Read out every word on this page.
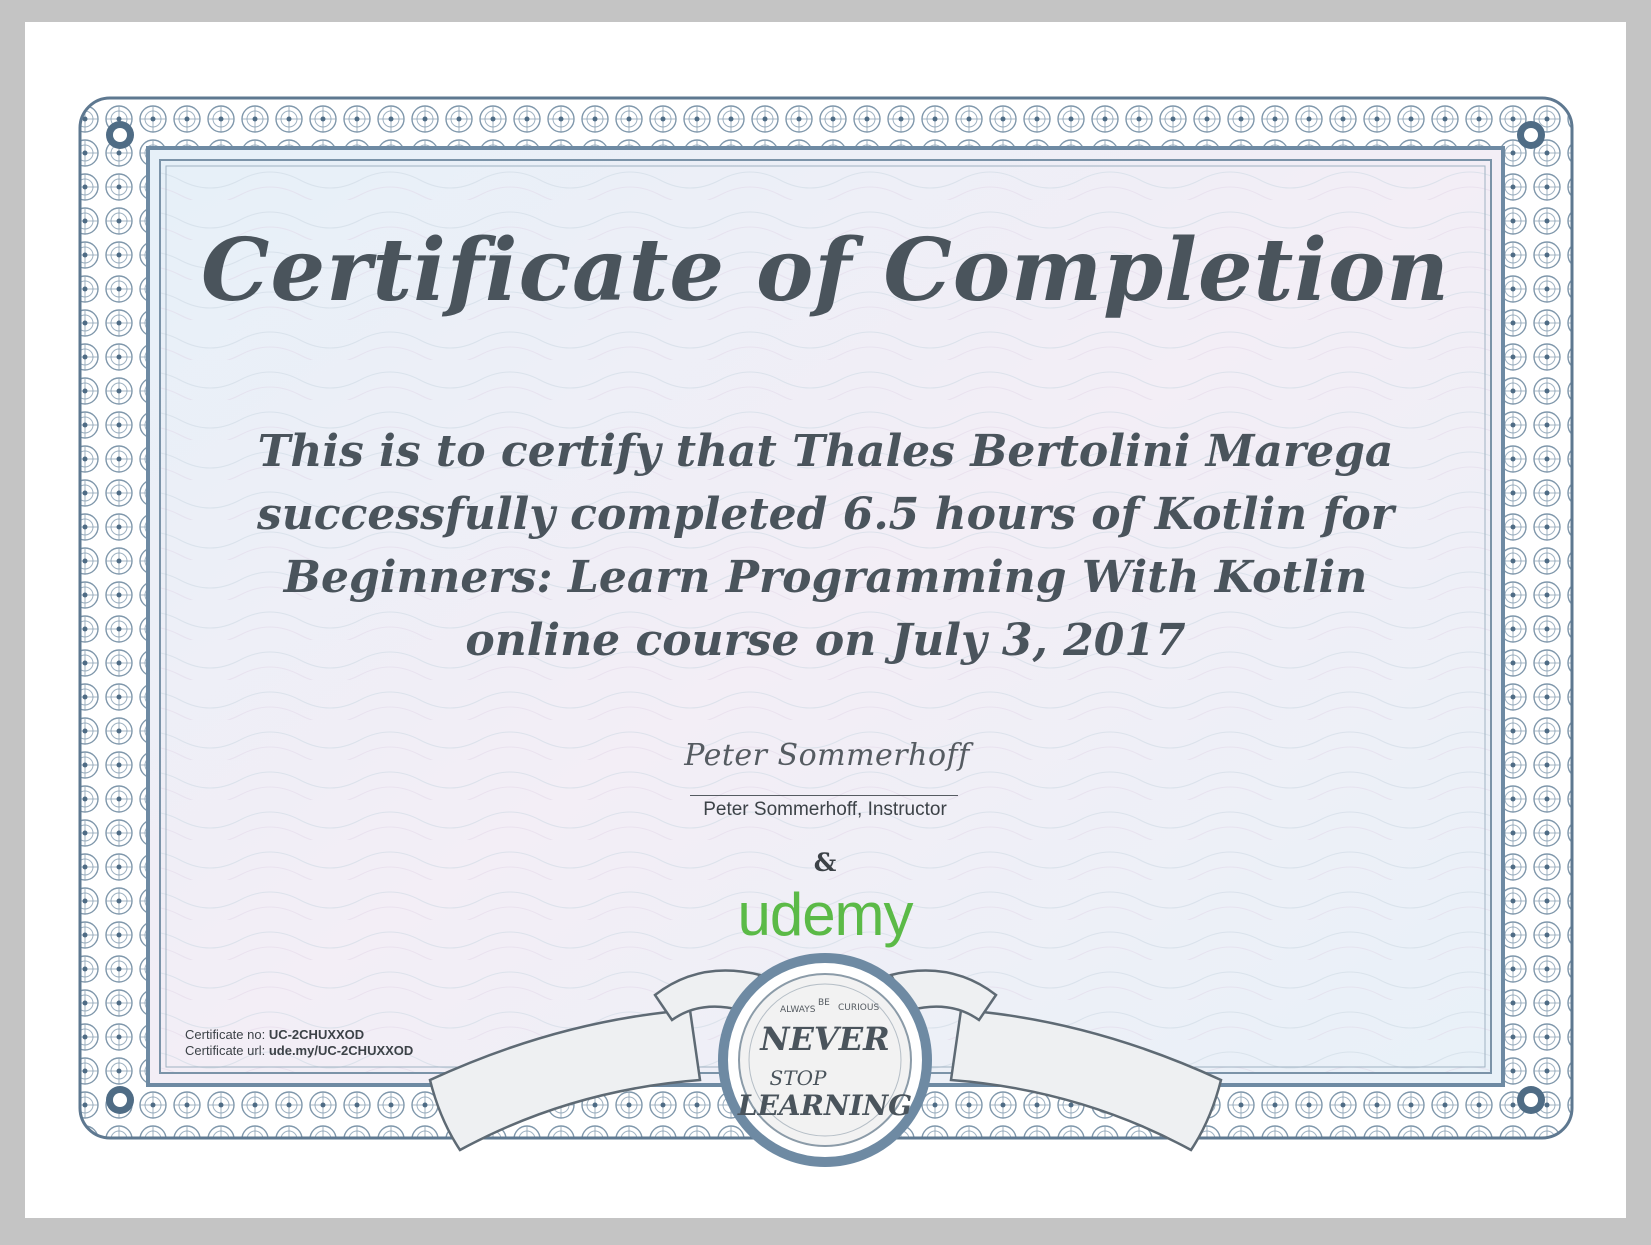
ALWAYS
BE CURIOUS
NEVER
STOP
LEARNING
Certificate of Completion

This is to certify that Thales Bertolini Marega successfully completed 6.5 hours of Kotlin for Beginners: Learn Programming With Kotlin online course on July 3, 2017

Peter Sommerhoff
Peter Sommerhoff, Instructor
&
udemy
Certificate no: UC-2CHUXXOD
Certificate url: ude.my/UC-2CHUXXOD
